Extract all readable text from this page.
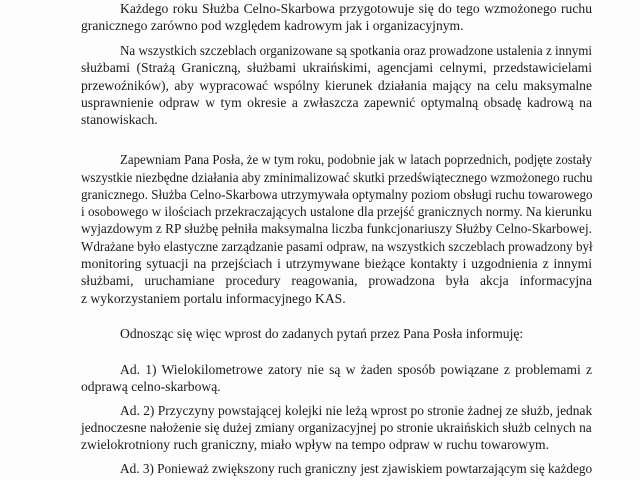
Każdego roku Służba Celno-Skarbowa przygotowuje się do tego wzmożonego ruchu
granicznego zarówno pod względem kadrowym jak i organizacyjnym.
Na wszystkich szczeblach organizowane są spotkania oraz prowadzone ustalenia z innymi
służbami (Strażą Graniczną, służbami ukraińskimi, agencjami celnymi, przedstawicielami
przewoźników), aby wypracować wspólny kierunek działania mający na celu maksymalne
usprawnienie odpraw w tym okresie a zwłaszcza zapewnić optymalną obsadę kadrową na
stanowiskach.
Zapewniam Pana Posła, że w tym roku, podobnie jak w latach poprzednich, podjęte zostały
wszystkie niezbędne działania aby zminimalizować skutki przedświątecznego wzmożonego ruchu
granicznego. Służba Celno-Skarbowa utrzymywała optymalny poziom obsługi ruchu towarowego
i osobowego w ilościach przekraczających ustalone dla przejść granicznych normy. Na kierunku
wyjazdowym z RP służbę pełniła maksymalna liczba funkcjonariuszy Służby Celno-Skarbowej.
Wdrażane było elastyczne zarządzanie pasami odpraw, na wszystkich szczeblach prowadzony był
monitoring sytuacji na przejściach i utrzymywane bieżące kontakty i uzgodnienia z innymi
służbami, uruchamiane procedury reagowania, prowadzona była akcja informacyjna
z wykorzystaniem portalu informacyjnego KAS.
Odnosząc się więc wprost do zadanych pytań przez Pana Posła informuję:
Ad. 1) Wielokilometrowe zatory nie są w żaden sposób powiązane z problemami z
odprawą celno-skarbową.
Ad. 2) Przyczyny powstającej kolejki nie leżą wprost po stronie żadnej ze służb, jednak
jednoczesne nałożenie się dużej zmiany organizacyjnej po stronie ukraińskich służb celnych na
zwielokrotniony ruch graniczny, miało wpływ na tempo odpraw w ruchu towarowym.
Ad. 3) Ponieważ zwiększony ruch graniczny jest zjawiskiem powtarzającym się każdego
